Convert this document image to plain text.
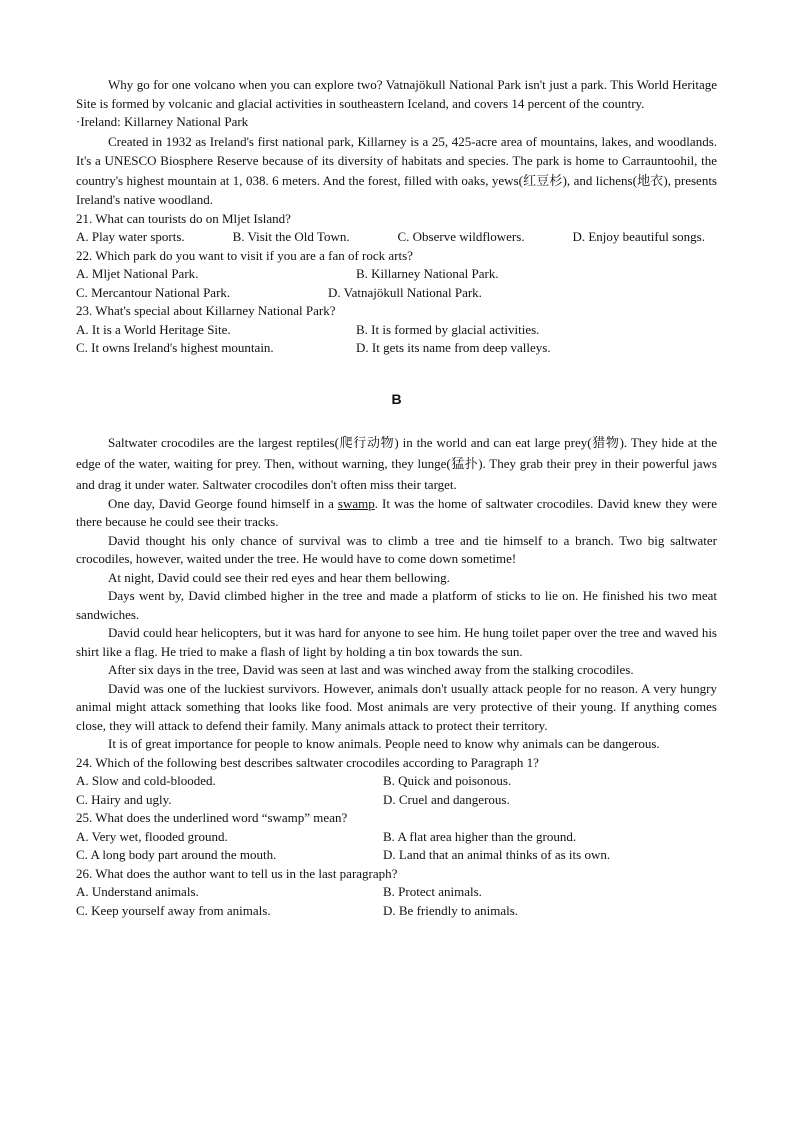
Why go for one volcano when you can explore two? Vatnajökull National Park isn't just a park. This World Heritage Site is formed by volcanic and glacial activities in southeastern Iceland, and covers 14 percent of the country.

·Ireland: Killarney National Park

Created in 1932 as Ireland's first national park, Killarney is a 25, 425-acre area of mountains, lakes, and woodlands. It's a UNESCO Biosphere Reserve because of its diversity of habitats and species. The park is home to Carrauntoohil, the country's highest mountain at 1, 038. 6 meters. And the forest, filled with oaks, yews(红豆杉), and lichens(地衣), presents Ireland's native woodland.

21. What can tourists do on Mljet Island?

A. Play water sports.	B. Visit the Old Town.	C. Observe wildflowers.	D. Enjoy beautiful songs.

22. Which park do you want to visit if you are a fan of rock arts?

A. Mljet National Park.	B. Killarney National Park.
C. Mercantour National Park.	D. Vatnajökull National Park.

23. What's special about Killarney National Park?

A. It is a World Heritage Site.	B. It is formed by glacial activities.
C. It owns Ireland's highest mountain.	D. It gets its name from deep valleys.
B

Saltwater crocodiles are the largest reptiles(爬行动物) in the world and can eat large prey(猎物). They hide at the edge of the water, waiting for prey. Then, without warning, they lunge(猛扑). They grab their prey in their powerful jaws and drag it under water. Saltwater crocodiles don't often miss their target.

One day, David George found himself in a swamp. It was the home of saltwater crocodiles. David knew they were there because he could see their tracks.

David thought his only chance of survival was to climb a tree and tie himself to a branch. Two big saltwater crocodiles, however, waited under the tree. He would have to come down sometime!

At night, David could see their red eyes and hear them bellowing.

Days went by, David climbed higher in the tree and made a platform of sticks to lie on. He finished his two meat sandwiches.

David could hear helicopters, but it was hard for anyone to see him. He hung toilet paper over the tree and waved his shirt like a flag. He tried to make a flash of light by holding a tin box towards the sun.

After six days in the tree, David was seen at last and was winched away from the stalking crocodiles.

David was one of the luckiest survivors. However, animals don't usually attack people for no reason. A very hungry animal might attack something that looks like food. Most animals are very protective of their young. If anything comes close, they will attack to defend their family. Many animals attack to protect their territory.

It is of great importance for people to know animals. People need to know why animals can be dangerous.

24. Which of the following best describes saltwater crocodiles according to Paragraph 1?

A. Slow and cold-blooded.	B. Quick and poisonous.
C. Hairy and ugly.	D. Cruel and dangerous.

25. What does the underlined word “swamp” mean?

A. Very wet, flooded ground.	B. A flat area higher than the ground.
C. A long body part around the mouth.	D. Land that an animal thinks of as its own.

26. What does the author want to tell us in the last paragraph?

A. Understand animals.	B. Protect animals.
C. Keep yourself away from animals.	D. Be friendly to animals.
